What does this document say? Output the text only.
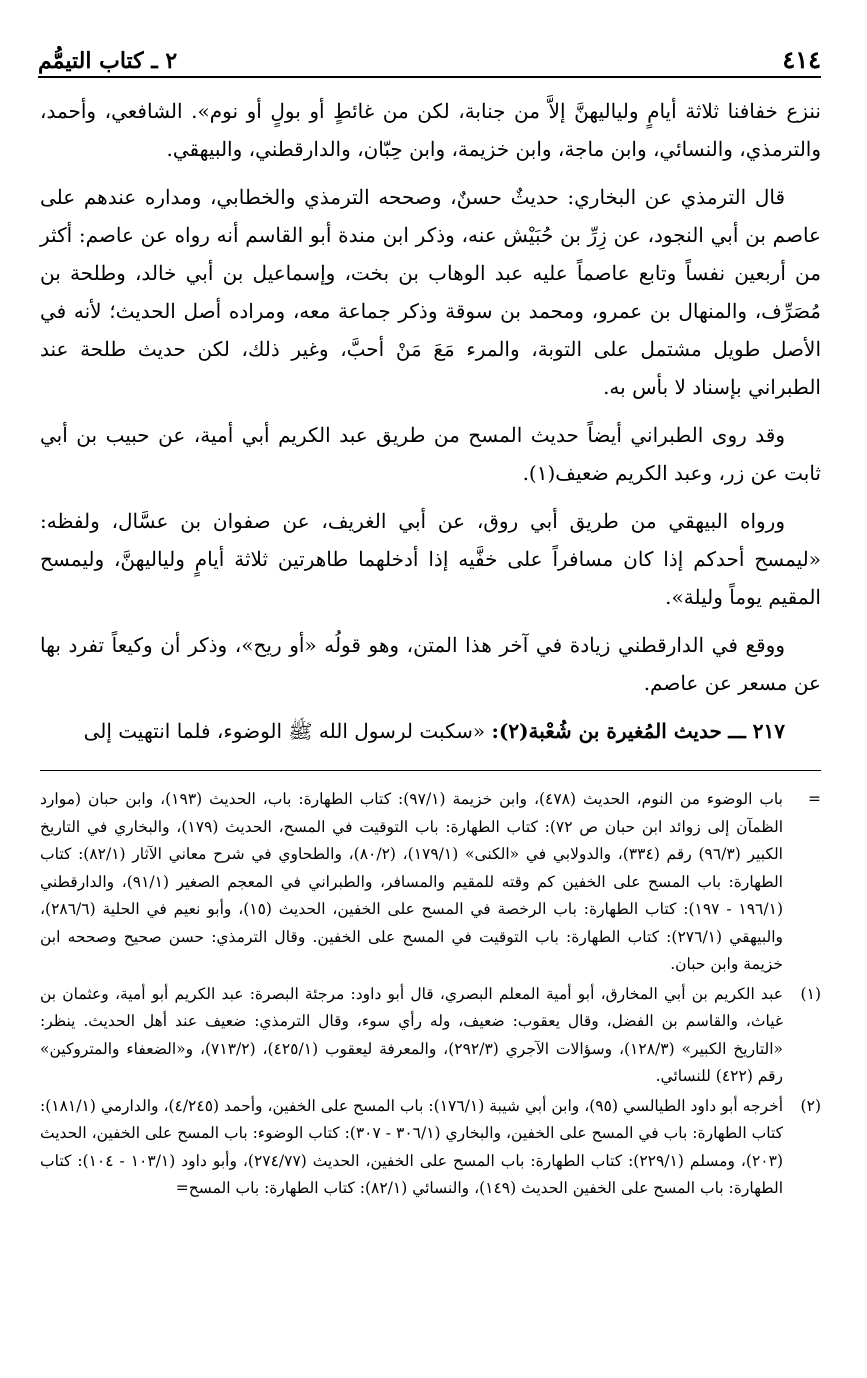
٤١٤
٢ ـ كتاب التيمُّم

ننزع خفافنا ثلاثة أيامٍ ولياليهنَّ إلاَّ من جنابة، لكن من غائطٍ أو بولٍ أو نوم». الشافعي، وأحمد، والترمذي، والنسائي، وابن ماجة، وابن خزيمة، وابن حِبّان، والدارقطني، والبيهقي.

قال الترمذي عن البخاري: حديثٌ حسنٌ، وصححه الترمذي والخطابي، ومداره عندهم على عاصم بن أبي النجود، عن زِرِّ بن حُبَيْش عنه، وذكر ابن مندة أبو القاسم أنه رواه عن عاصم: أكثر من أربعين نفساً وتابع عاصماً عليه عبد الوهاب بن بخت، وإسماعيل بن أبي خالد، وطلحة بن مُصَرِّف، والمنهال بن عمرو، ومحمد بن سوقة وذكر جماعة معه، ومراده أصل الحديث؛ لأنه في الأصل طويل مشتمل على التوبة، والمرء مَعَ مَنْ أحبَّ، وغير ذلك، لكن حديث طلحة عند الطبراني بإسناد لا بأس به.

وقد روى الطبراني أيضاً حديث المسح من طريق عبد الكريم أبي أمية، عن حبيب بن أبي ثابت عن زر، وعبد الكريم ضعيف(١).

ورواه البيهقي من طريق أبي روق، عن أبي الغريف، عن صفوان بن عسَّال، ولفظه: «ليمسح أحدكم إذا كان مسافراً على خفَّيه إذا أدخلهما طاهرتين ثلاثة أيامٍ ولياليهنَّ، وليمسح المقيم يوماً وليلة».

ووقع في الدارقطني زيادة في آخر هذا المتن، وهو قولُه «أو ريح»، وذكر أن وكيعاً تفرد بها عن مسعر عن عاصم.

٢١٧ ـــ حديث المُغيرة بن شُعْبة(٢): «سكبت لرسول الله ﷺ الوضوء، فلما انتهيت إلى

=
باب الوضوء من النوم، الحديث (٤٧٨)، وابن خزيمة (٩٧/١): كتاب الطهارة: باب، الحديث (١٩٣)، وابن حبان (موارد الظمآن إلى زوائد ابن حبان ص ٧٢): كتاب الطهارة: باب التوقيت في المسح، الحديث (١٧٩)، والبخاري في التاريخ الكبير (٩٦/٣) رقم (٣٣٤)، والدولابي في «الكنى» (١٧٩/١)، (٨٠/٢)، والطحاوي في شرح معاني الآثار (٨٢/١): كتاب الطهارة: باب المسح على الخفين كم وقته للمقيم والمسافر، والطبراني في المعجم الصغير (٩١/١)، والدارقطني (١٩٦/١ - ١٩٧): كتاب الطهارة: باب الرخصة في المسح على الخفين، الحديث (١٥)، وأبو نعيم في الحلية (٢٨٦/٦)، والبيهقي (٢٧٦/١): كتاب الطهارة: باب التوقيت في المسح على الخفين. وقال الترمذي: حسن صحيح وصححه ابن خزيمة وابن حبان.
(١)
عبد الكريم بن أبي المخارق، أبو أمية المعلم البصري، قال أبو داود: مرجئة البصرة: عبد الكريم أبو أمية، وعثمان بن غياث، والقاسم بن الفضل، وقال يعقوب: ضعيف، وله رأي سوء، وقال الترمذي: ضعيف عند أهل الحديث. ينظر: «التاريخ الكبير» (١٢٨/٣)، وسؤالات الآجري (٢٩٢/٣)، والمعرفة ليعقوب (٤٢٥/١)، (٧١٣/٢)، و«الضعفاء والمتروكين» رقم (٤٢٢) للنسائي.
(٢)
أخرجه أبو داود الطيالسي (٩٥)، وابن أبي شيبة (١٧٦/١): باب المسح على الخفين، وأحمد (٤/٢٤٥)، والدارمي (١٨١/١): كتاب الطهارة: باب في المسح على الخفين، والبخاري (٣٠٦/١ - ٣٠٧): كتاب الوضوء: باب المسح على الخفين، الحديث (٢٠٣)، ومسلم (٢٢٩/١): كتاب الطهارة: باب المسح على الخفين، الحديث (٢٧٤/٧٧)، وأبو داود (١٠٣/١ - ١٠٤): كتاب الطهارة: باب المسح على الخفين الحديث (١٤٩)، والنسائي (٨٢/١): كتاب الطهارة: باب المسح=
